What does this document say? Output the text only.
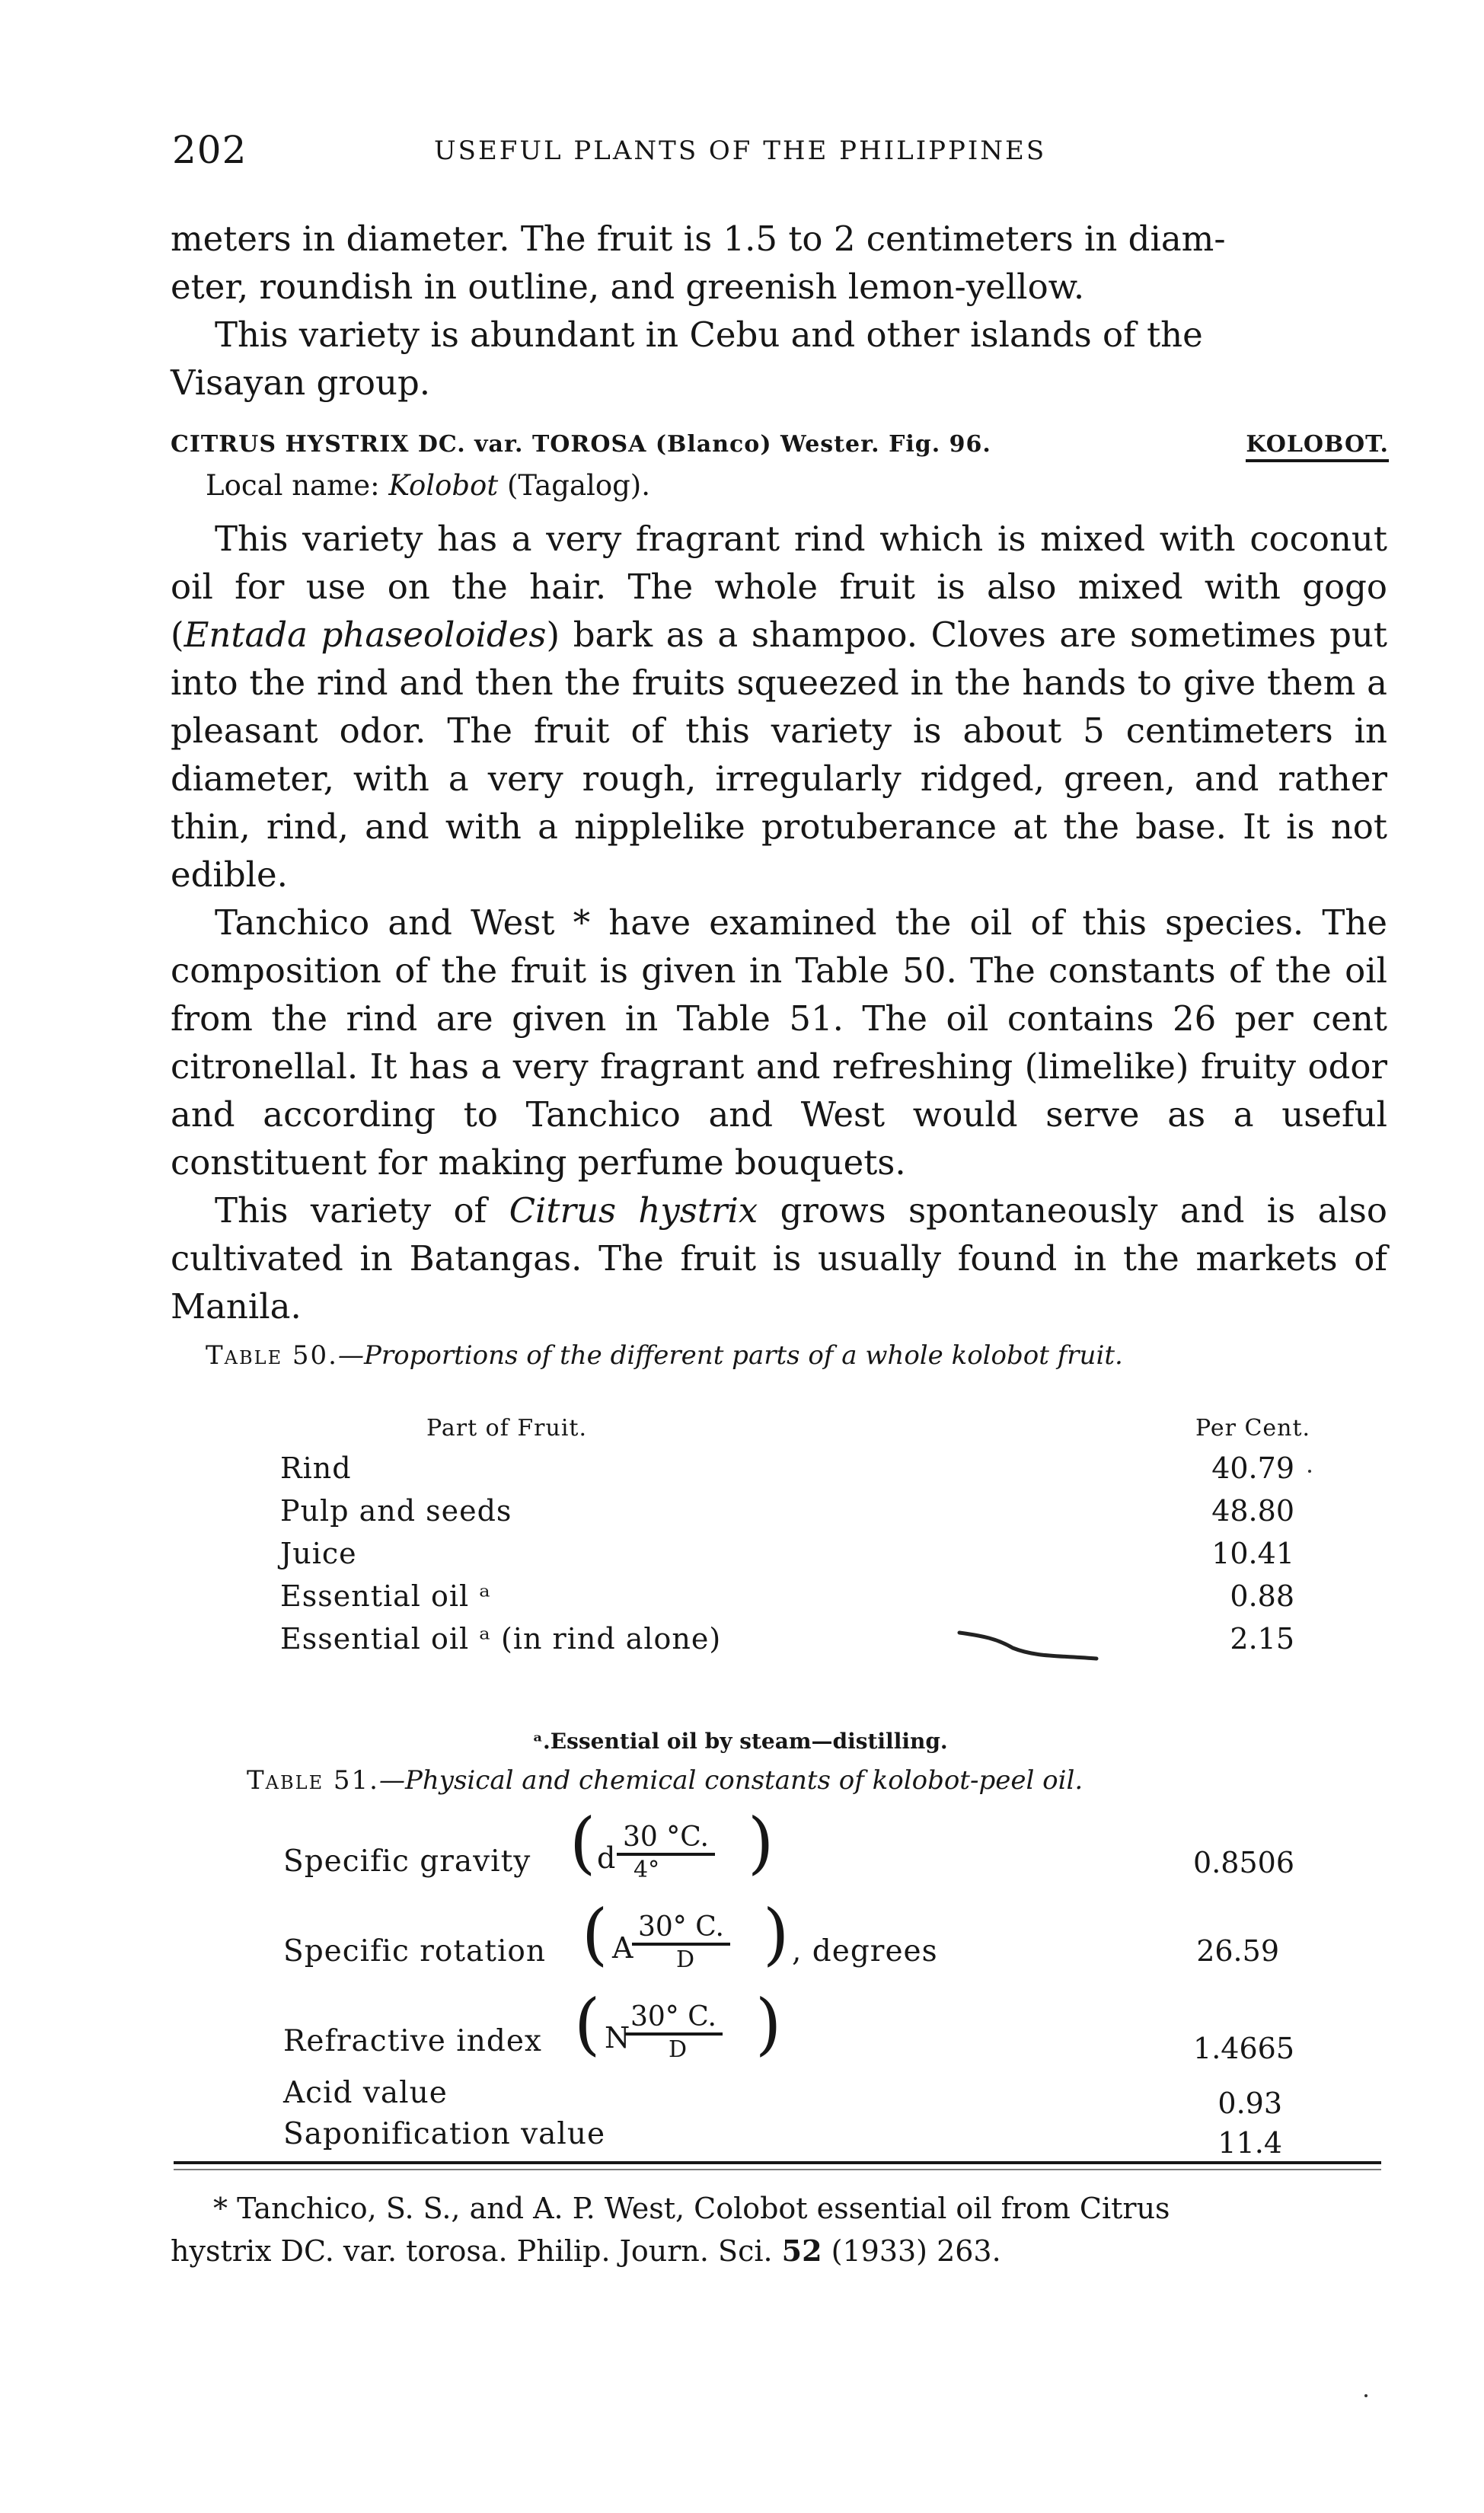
202	USEFUL PLANTS OF THE PHILIPPINES
meters in diameter. The fruit is 1.5 to 2 centimeters in diam-
eter, roundish in outline, and greenish lemon-yellow.
This variety is abundant in Cebu and other islands of the
Visayan group.
CITRUS HYSTRIX DC. var. TOROSA (Blanco) Wester. Fig. 96.	KOLOBOT.
Local name: Kolobot (Tagalog).

This variety has a very fragrant rind which is mixed with coconut oil for use on the hair. The whole fruit is also mixed with gogo (Entada phaseoloides) bark as a shampoo. Cloves are sometimes put into the rind and then the fruits squeezed in the hands to give them a pleasant odor. The fruit of this variety is about 5 centimeters in diameter, with a very rough, irregularly ridged, green, and rather thin, rind, and with a nipplelike protuberance at the base. It is not edible.

Tanchico and West * have examined the oil of this species. The composition of the fruit is given in Table 50. The constants of the oil from the rind are given in Table 51. The oil contains 26 per cent citronellal. It has a very fragrant and refreshing (limelike) fruity odor and according to Tanchico and West would serve as a useful constituent for making perfume bouquets.

This variety of Citrus hystrix grows spontaneously and is also cultivated in Batangas. The fruit is usually found in the markets of Manila.

Table 50.—Proportions of the different parts of a whole kolobot fruit.
Part of Fruit.	Per Cent.
Rind	40.79
Pulp and seeds	48.80
Juice	10.41
Essential oil ᵃ	0.88
Essential oil ᵃ (in rind alone)	2.15
ᵃ.Essential oil by steam—distilling.
Table 51.—Physical and chemical constants of kolobot-peel oil.
Specific gravity ( d
30 °C.
4° )	0.8506
Specific rotation ( A
30° C.
D ) , degrees	26.59
Refractive index ( N
30° C.
D )	1.4665
Acid value	0.93
Saponification value	11.4
* Tanchico, S. S., and A. P. West, Colobot essential oil from Citrus
hystrix DC. var. torosa. Philip. Journ. Sci. 52 (1933) 263.
